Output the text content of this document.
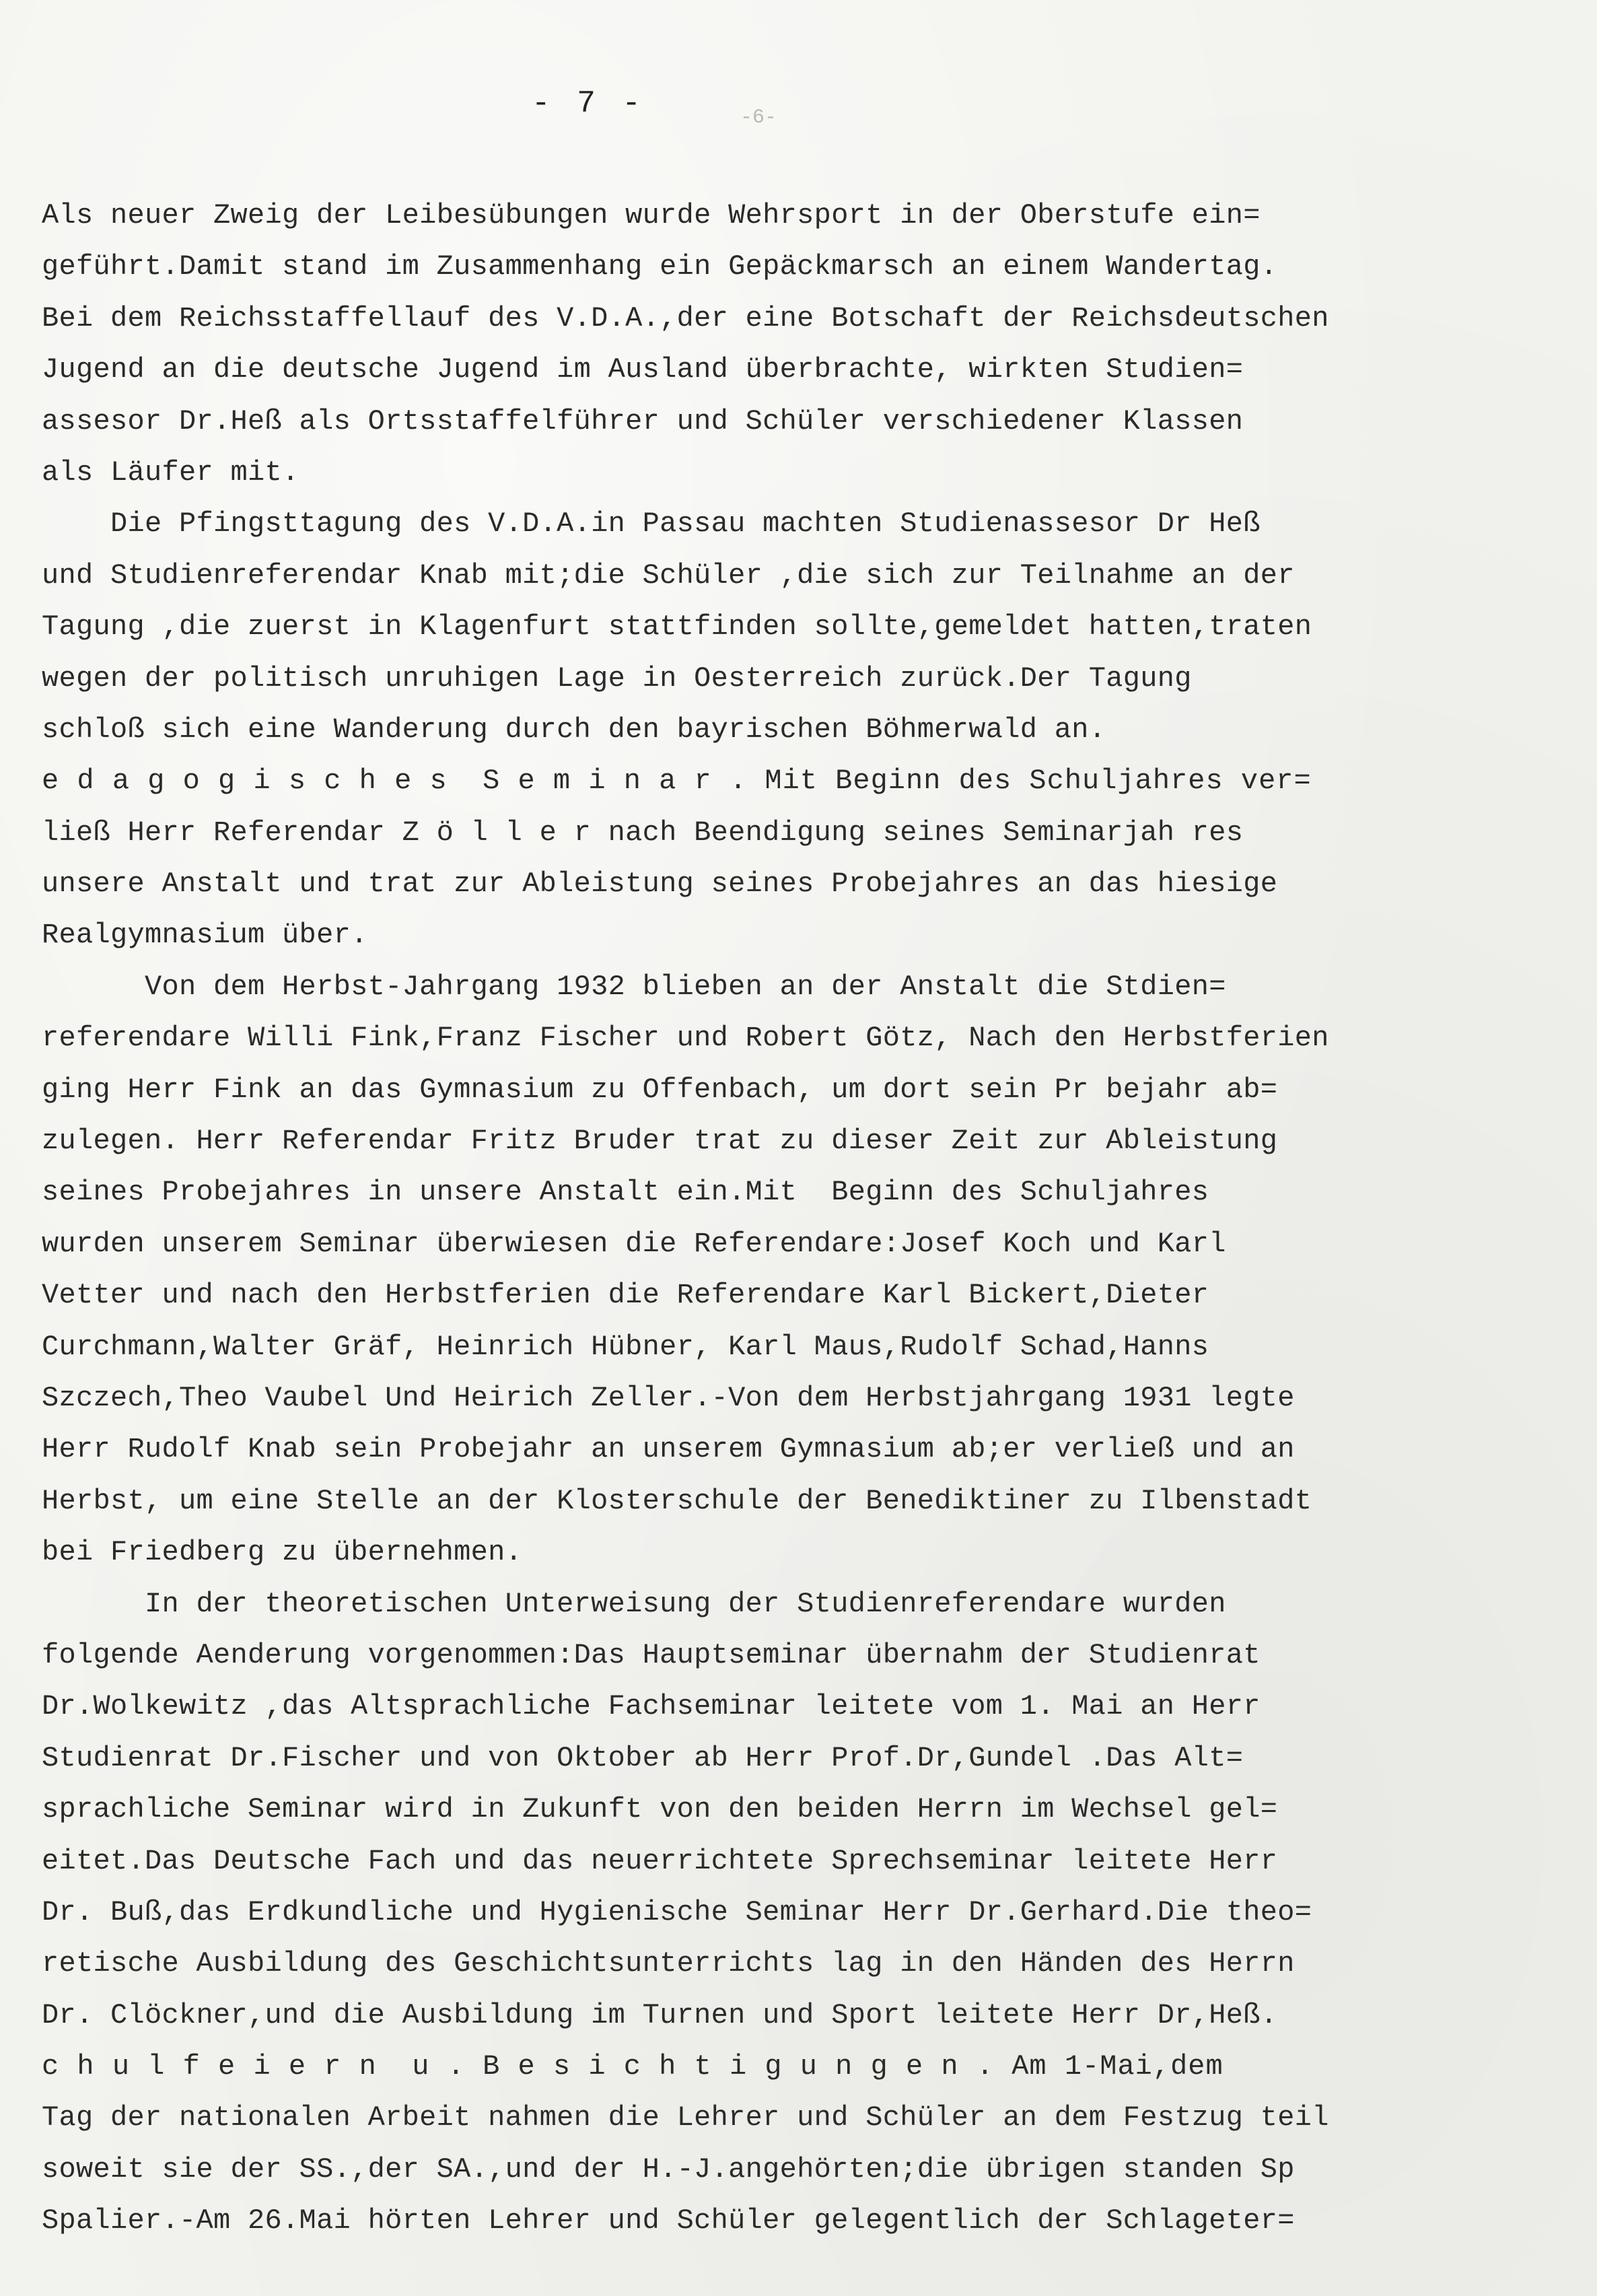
- 7 -	-6-
Als neuer Zweig der Leibesübungen wurde Wehrsport in der Oberstufe ein=
geführt.Damit stand im Zusammenhang ein Gepäckmarsch an einem Wandertag.
Bei dem Reichsstaffellauf des V.D.A.,der eine Botschaft der Reichsdeutschen
Jugend an die deutsche Jugend im Ausland überbrachte, wirkten Studien=
assesor Dr.Heß als Ortsstaffelführer und Schüler verschiedener Klassen
als Läufer mit.
Die Pfingsttagung des V.D.A.in Passau machten Studienassesor Dr Heß
und Studienreferendar Knab mit;die Schüler ,die sich zur Teilnahme an der
Tagung ,die zuerst in Klagenfurt stattfinden sollte,gemeldet hatten,traten
wegen der politisch unruhigen Lage in Oesterreich zurück.Der Tagung
schloß sich eine Wanderung durch den bayrischen Böhmerwald an.
e d a g o g i s c h e s  S e m i n a r . Mit Beginn des Schuljahres ver=
ließ Herr Referendar Z ö l l e r nach Beendigung seines Seminarjah res
unsere Anstalt und trat zur Ableistung seines Probejahres an das hiesige
Realgymnasium über.
Von dem Herbst-Jahrgang 1932 blieben an der Anstalt die Stdien=
referendare Willi Fink,Franz Fischer und Robert Götz, Nach den Herbstferien
ging Herr Fink an das Gymnasium zu Offenbach, um dort sein Pr bejahr ab=
zulegen. Herr Referendar Fritz Bruder trat zu dieser Zeit zur Ableistung
seines Probejahres in unsere Anstalt ein.Mit  Beginn des Schuljahres
wurden unserem Seminar überwiesen die Referendare:Josef Koch und Karl
Vetter und nach den Herbstferien die Referendare Karl Bickert,Dieter
Curchmann,Walter Gräf, Heinrich Hübner, Karl Maus,Rudolf Schad,Hanns
Szczech,Theo Vaubel Und Heirich Zeller.-Von dem Herbstjahrgang 1931 legte
Herr Rudolf Knab sein Probejahr an unserem Gymnasium ab;er verließ und an
Herbst, um eine Stelle an der Klosterschule der Benediktiner zu Ilbenstadt
bei Friedberg zu übernehmen.
In der theoretischen Unterweisung der Studienreferendare wurden
folgende Aenderung vorgenommen:Das Hauptseminar übernahm der Studienrat
Dr.Wolkewitz ,das Altsprachliche Fachseminar leitete vom 1. Mai an Herr
Studienrat Dr.Fischer und von Oktober ab Herr Prof.Dr,Gundel .Das Alt=
sprachliche Seminar wird in Zukunft von den beiden Herrn im Wechsel gel=
eitet.Das Deutsche Fach und das neuerrichtete Sprechseminar leitete Herr
Dr. Buß,das Erdkundliche und Hygienische Seminar Herr Dr.Gerhard.Die theo=
retische Ausbildung des Geschichtsunterrichts lag in den Händen des Herrn
Dr. Clöckner,und die Ausbildung im Turnen und Sport leitete Herr Dr,Heß.
c h u l f e i e r n  u . B e s i c h t i g u n g e n . Am 1-Mai,dem
Tag der nationalen Arbeit nahmen die Lehrer und Schüler an dem Festzug teil
soweit sie der SS.,der SA.,und der H.-J.angehörten;die übrigen standen Sp
Spalier.-Am 26.Mai hörten Lehrer und Schüler gelegentlich der Schlageter=
